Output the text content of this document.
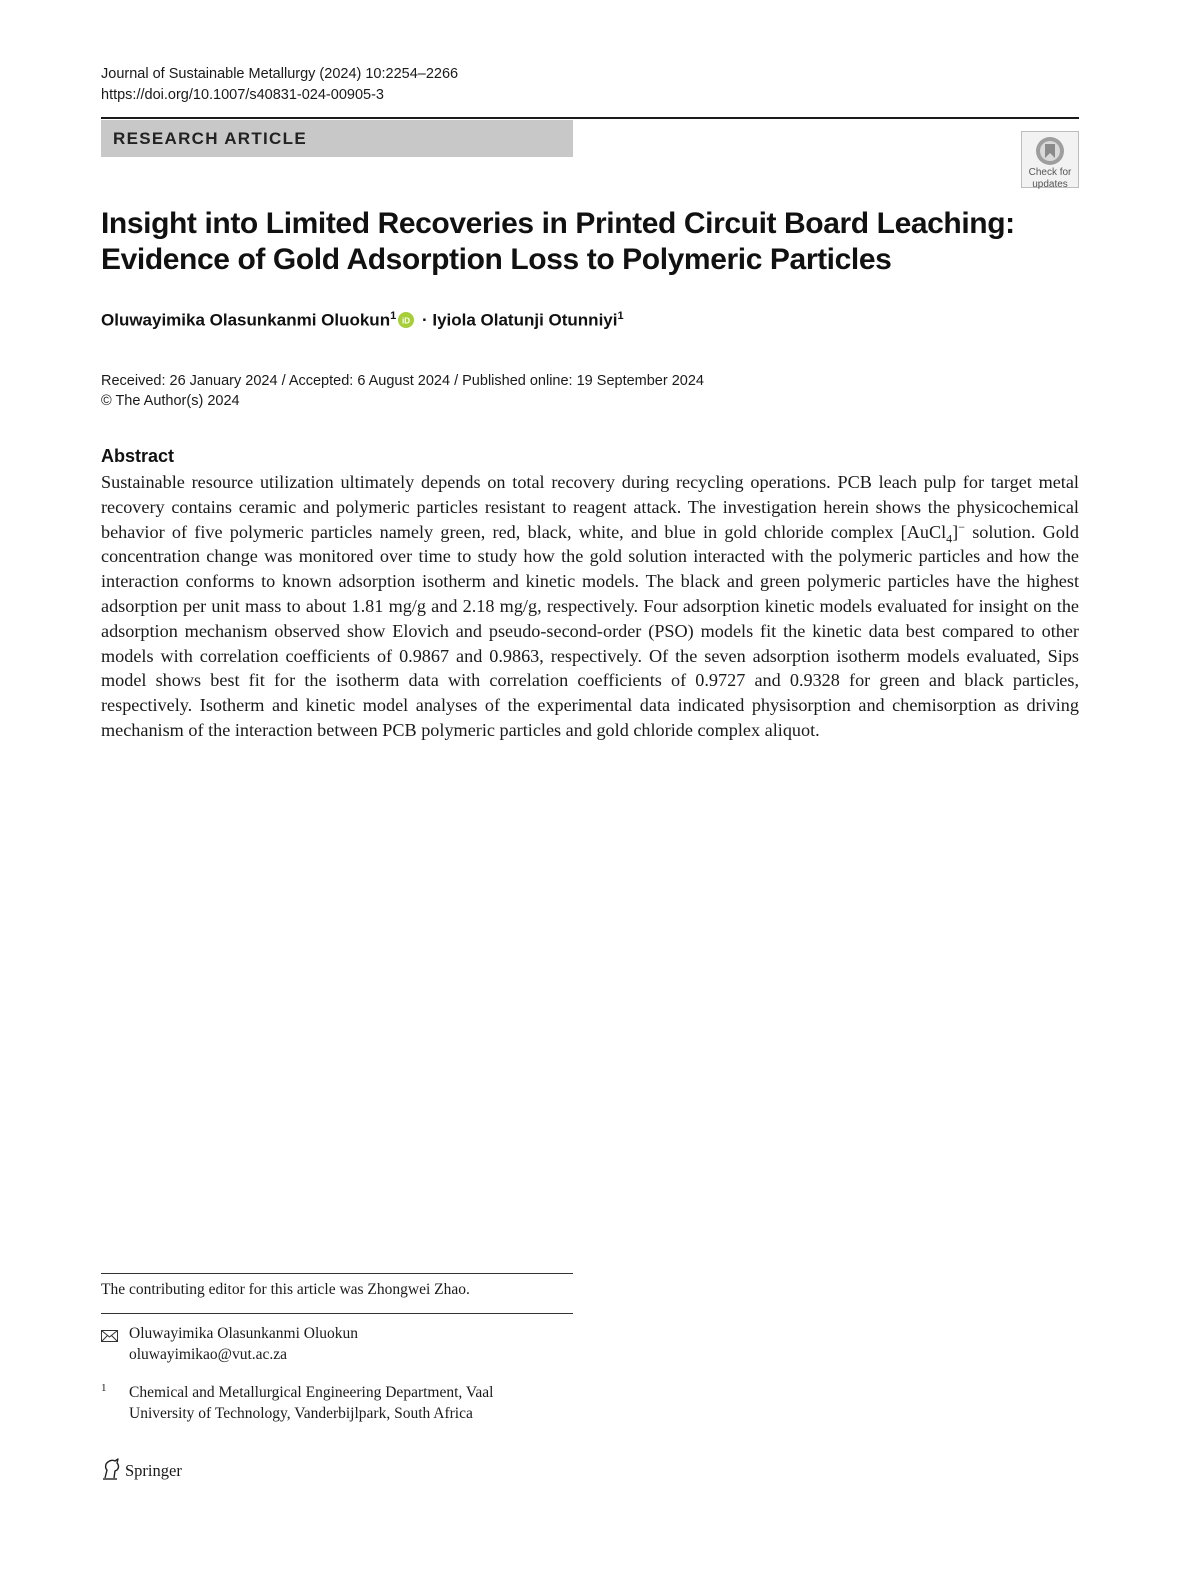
Journal of Sustainable Metallurgy (2024) 10:2254–2266
https://doi.org/10.1007/s40831-024-00905-3
RESEARCH ARTICLE
Check for
updates
Insight into Limited Recoveries in Printed Circuit Board Leaching:
Evidence of Gold Adsorption Loss to Polymeric Particles
Oluwayimika Olasunkanmi Oluokun$^1$ iD · Iyiola Olatunji Otunniyi$^1$
Received: 26 January 2024 / Accepted: 6 August 2024 / Published online: 19 September 2024
© The Author(s) 2024
Abstract
Sustainable resource utilization ultimately depends on total recovery during recycling operations. PCB leach pulp for target metal recovery contains ceramic and polymeric particles resistant to reagent attack. The investigation herein shows the physicochemical behavior of five polymeric particles namely green, red, black, white, and blue in gold chloride complex [AuCl$_4$]− solution. Gold concentration change was monitored over time to study how the gold solution interacted with the polymeric particles and how the interaction conforms to known adsorption isotherm and kinetic models. The black and green polymeric particles have the highest adsorption per unit mass to about 1.81 mg/g and 2.18 mg/g, respectively. Four adsorption kinetic models evaluated for insight on the adsorption mechanism observed show Elovich and pseudo-second-order (PSO) models fit the kinetic data best compared to other models with correlation coefficients of 0.9867 and 0.9863, respectively. Of the seven adsorption isotherm models evaluated, Sips model shows best fit for the isotherm data with correlation coefficients of 0.9727 and 0.9328 for green and black particles, respectively. Isotherm and kinetic model analyses of the experimental data indicated physisorption and chemisorption as driving mechanism of the interaction between PCB polymeric particles and gold chloride complex aliquot.
The contributing editor for this article was Zhongwei Zhao.
Oluwayimika Olasunkanmi Oluokun
oluwayimikao@vut.ac.za
1 Chemical and Metallurgical Engineering Department, Vaal
University of Technology, Vanderbijlpark, South Africa
Springer
